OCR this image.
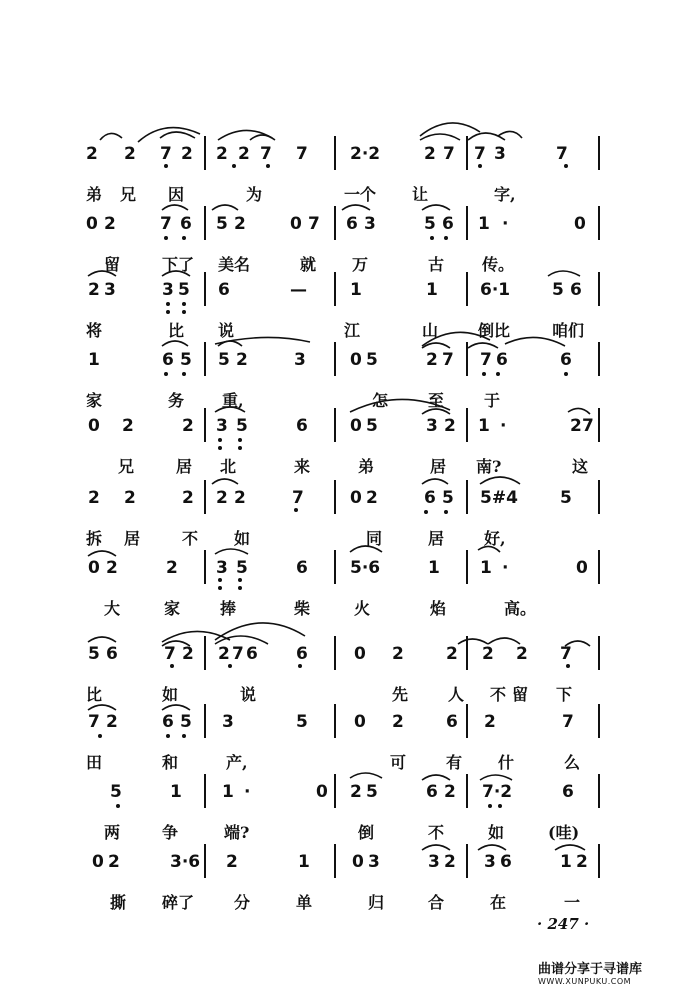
2 2 7 2 2 2 7 7 2·2	2 7 7 3	7
弟 兄 因	为	一个 让	字,
0 2	7 6 5 2	0 7 6 3	5 6 1 ·	0
留	下了 美名	就 万	古 传。
2 3	3 5 6	—	1	1 6·1 5 6
将	比 说	江	山 倒比	咱们
1	6 5 5 2	3	0 5	2 7 7 6	6
家	务 重,	怎 至 于
0 2	2 3 5	6 0 5	3 2 1 ·	2 7
兄	居 北	来	弟	居 南?	这
2 2	2 2 2	7	0 2	6 5 5#4 5
拆 居	不 如	同	居 好,
0 2	2 3 5	6 5·6	1 1 ·	0
大	家 捧	柴	火	焰	高。
5 6	7 2 2 7 6 6	0 2 2 2 2 7
比	如	说	先 人 不 留 下
7 2	6 5 3	5	0 2 6 2	7
田	和	产,	可 有 什	么
5	1 1 ·	0 2 5	6 2 7·2	6
两	争	端?	倒	不	如	(哇)
0 2	3·6 2	1 0 3	3 2 3 6	1 2
撕 碎了 分	单	归	合	在	一
· 247 ·
曲谱分享于寻谱库
WWW.XUNPUKU.COM
